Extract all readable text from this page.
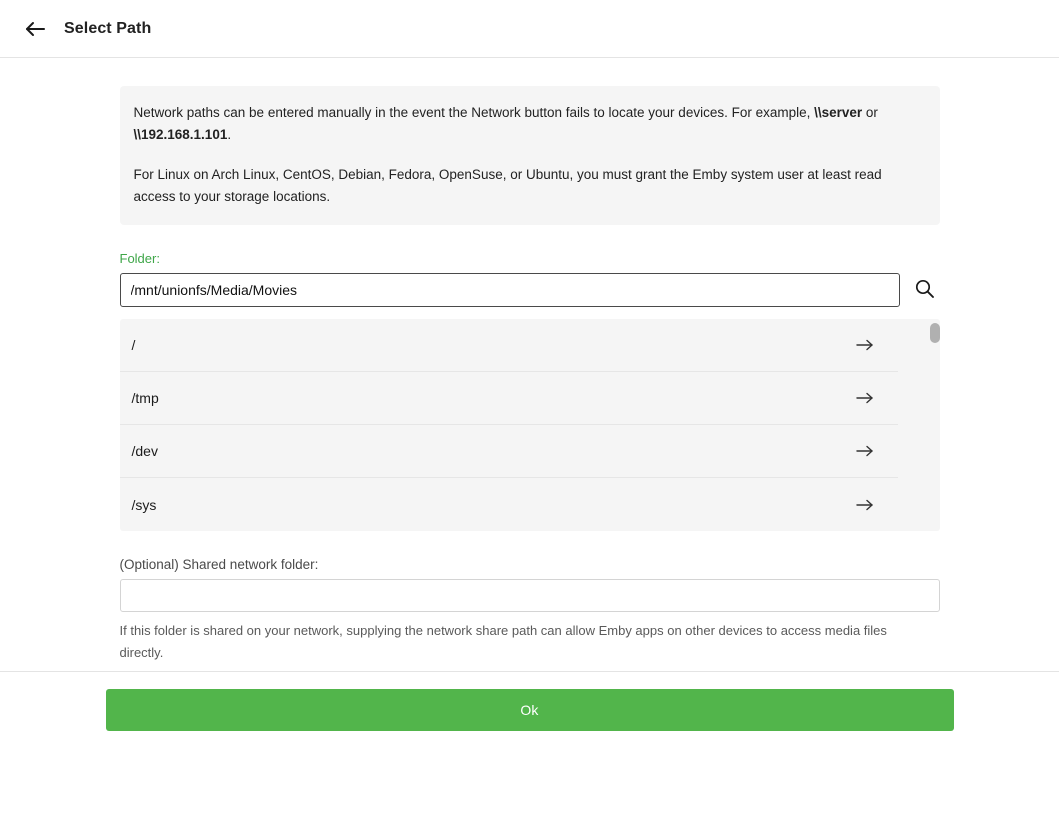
Select Path

Network paths can be entered manually in the event the Network button fails to locate your devices. For example, \\server or \\192.168.1.101.

For Linux on Arch Linux, CentOS, Debian, Fedora, OpenSuse, or Ubuntu, you must grant the Emby system user at least read access to your storage locations.

Folder:
/mnt/unionfs/Media/Movies
/
/tmp
/dev
/sys
(Optional) Shared network folder:
If this folder is shared on your network, supplying the network share path can allow Emby apps on other devices to access media files directly.
Ok
